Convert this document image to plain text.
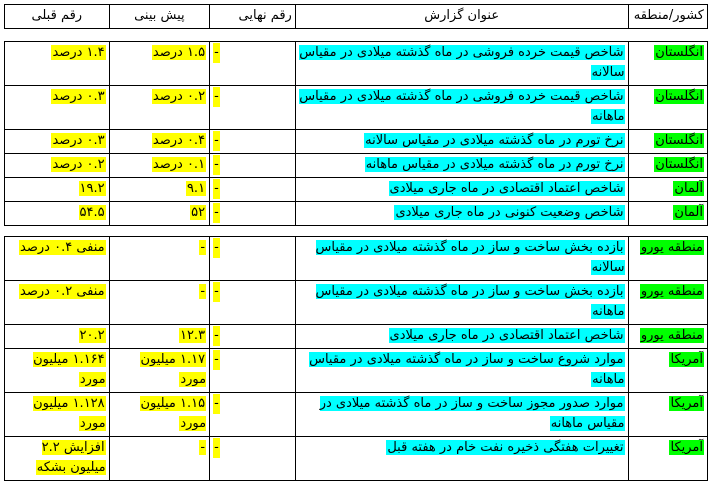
کشور/منطقه	عنوان گزارش	رقم نهایی	پیش بینی	رقم قبلی

انگلستان	شاخص قیمت خرده فروشی در ماه گذشته میلادی در مقیاس سالانه	-	۱.۵ درصد	۱.۴ درصد
انگلستان	شاخص قیمت خرده فروشی در ماه گذشته میلادی در مقیاس ماهانه	-	۰.۲ درصد	۰.۳ درصد
انگلستان	نرخ تورم در ماه گذشته میلادی در مقیاس سالانه	-	۰.۴ درصد	۰.۳ درصد
انگلستان	نرخ تورم در ماه گذشته میلادی در مقیاس ماهانه	-	۰.۱ درصد	۰.۲ درصد
آلمان	شاخص اعتماد اقتصادی در ماه جاری میلادی	-	۹.۱	۱۹.۲
آلمان	شاخص وضعیت کنونی در ماه جاری میلادی	-	۵۲	۵۴.۵

منطقه یورو	بازده بخش ساخت و ساز در ماه گذشته میلادی در مقیاس سالانه	-	-	منفی ۰.۴ درصد
منطقه یورو	بازده بخش ساخت و ساز در ماه گذشته میلادی در مقیاس ماهانه	-	-	منفی ۰.۲ درصد
منطقه یورو	شاخص اعتماد اقتصادی در ماه جاری میلادی	-	۱۲.۳	۲۰.۲
آمریکا	موارد شروع ساخت و ساز در ماه گذشته میلادی در مقیاس ماهانه	-	۱.۱۷ میلیون مورد	۱.۱۶۴ میلیون مورد
آمریکا	موارد صدور مجوز ساخت و ساز در ماه گذشته میلادی در مقیاس ماهانه	-	۱.۱۵ میلیون مورد	۱.۱۲۸ میلیون مورد
آمریکا	تغییرات هفتگی ذخیره نفت خام در هفته قبل	-	-	افزایش ۲.۲ میلیون بشکه
